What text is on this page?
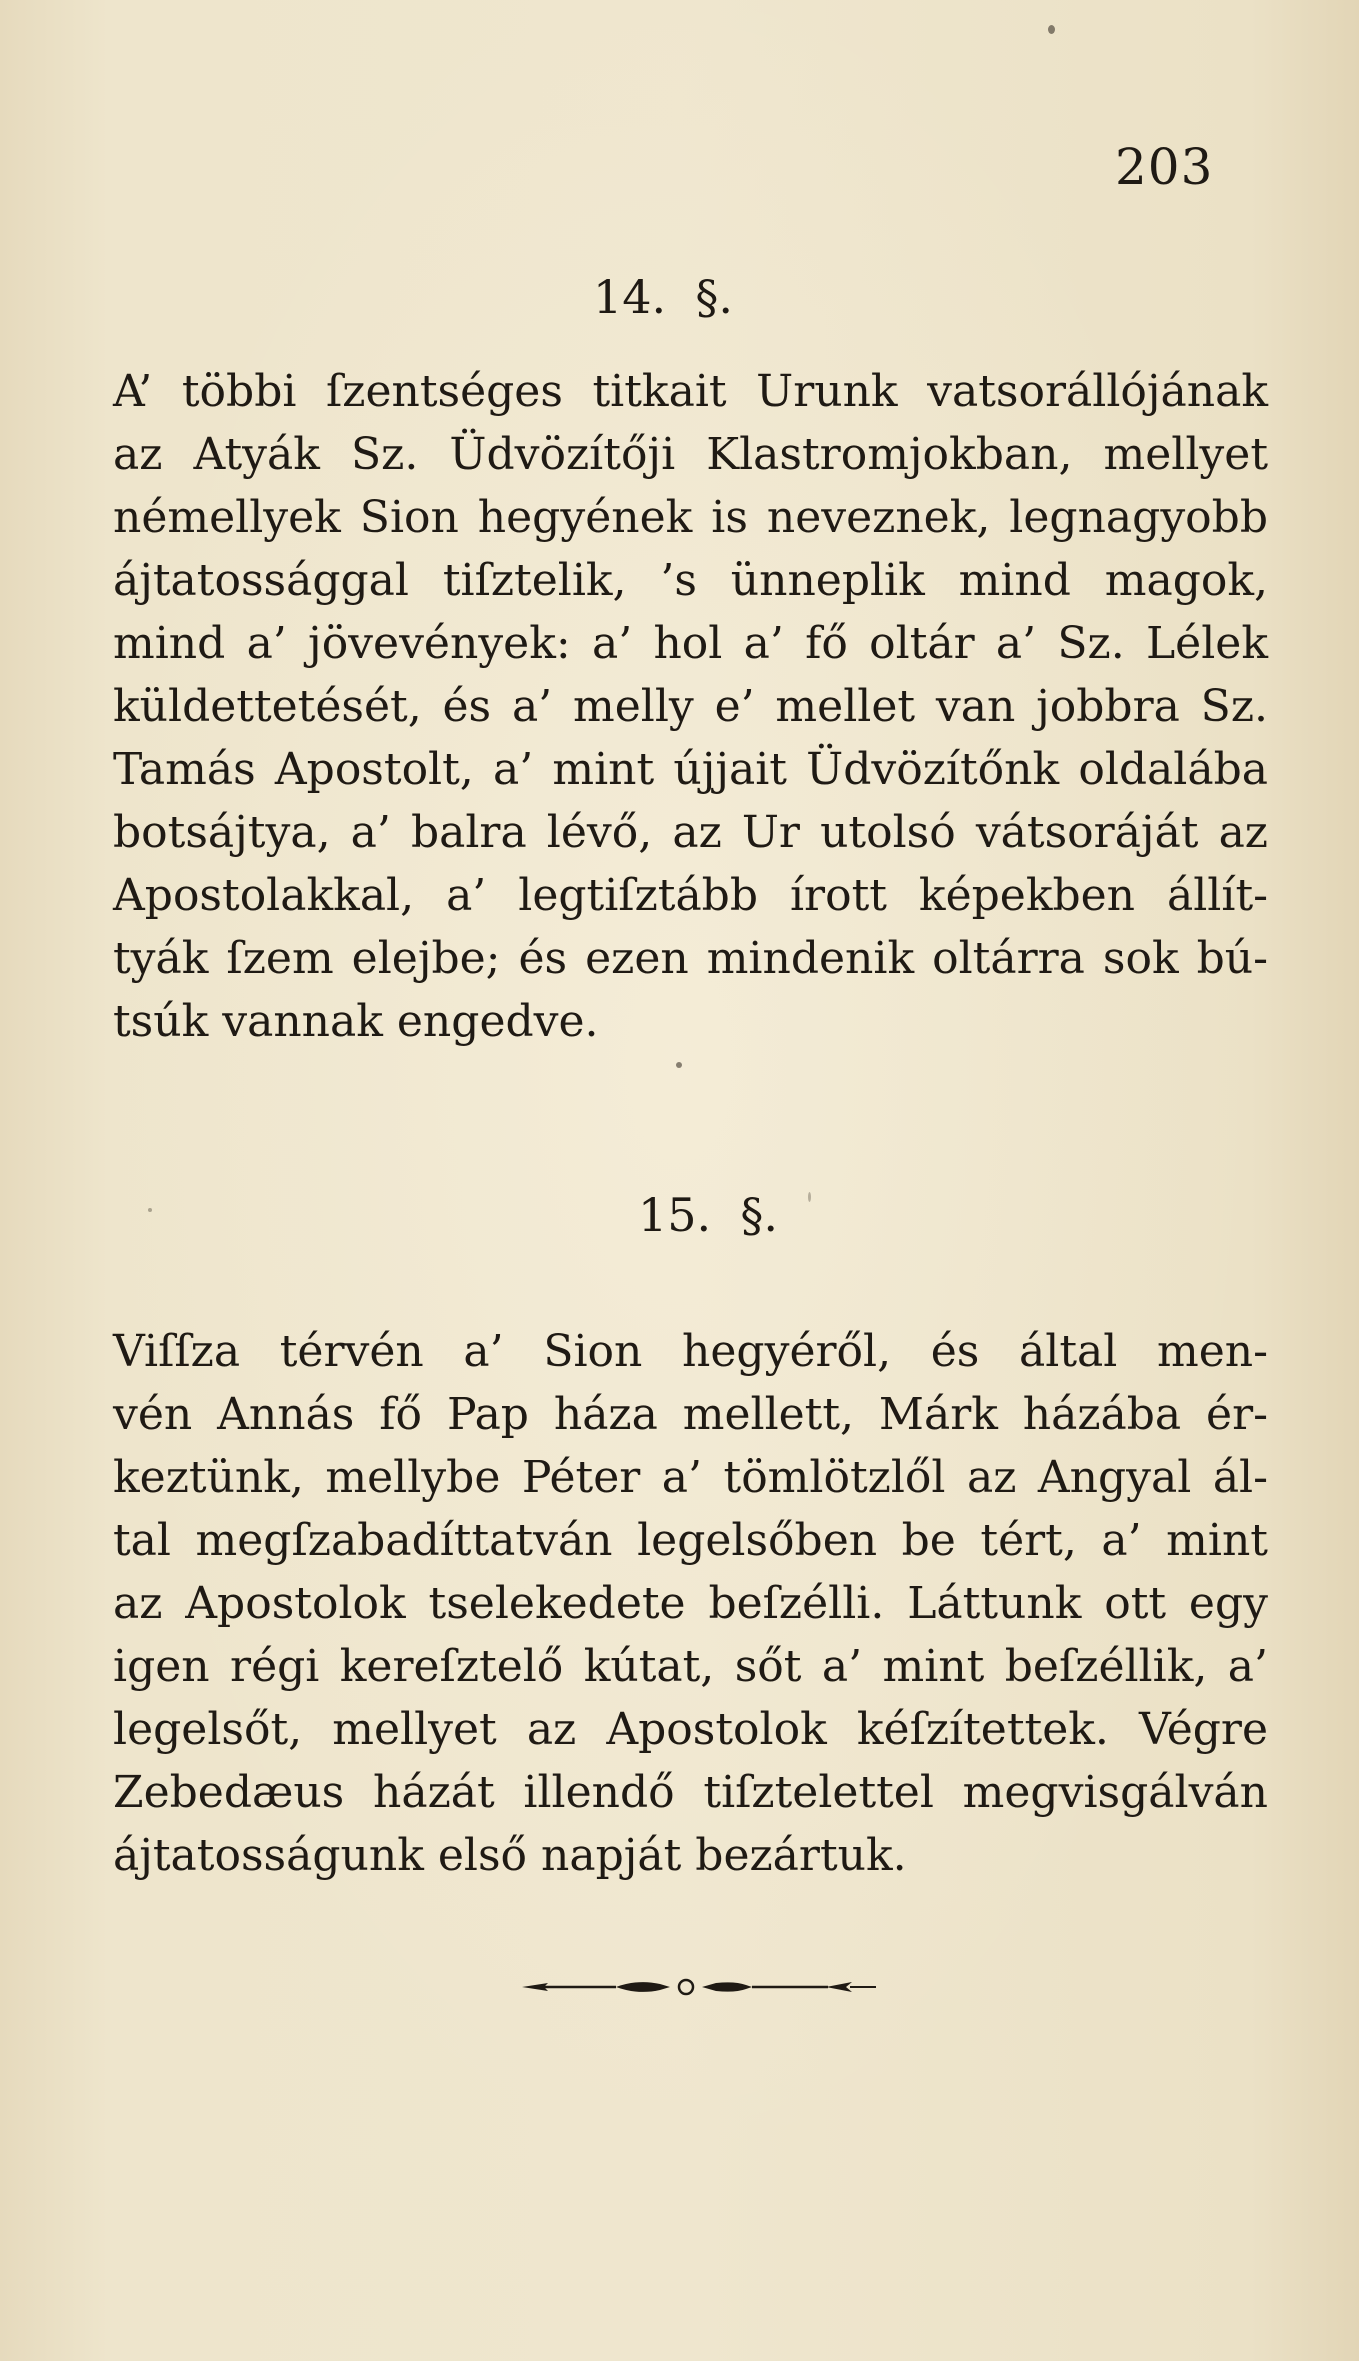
203
14.  §.
A’ többi ſzentséges titkait Urunk vatsorállójának
az Atyák Sz. Üdvözítőji Klastromjokban, mellyet
némellyek Sion hegyének is neveznek, legnagyobb
ájtatossággal tiſztelik, ’s ünneplik mind magok,
mind a’ jövevények: a’ hol a’ fő oltár a’ Sz. Lélek
küldettetését, és a’ melly e’ mellet van jobbra Sz.
Tamás Apostolt, a’ mint újjait Üdvözítőnk oldalába
botsájtya, a’ balra lévő, az Ur utolsó vátsoráját az
Apostolakkal, a’ legtiſztább írott képekben állít-
tyák ſzem elejbe; és ezen mindenik oltárra sok bú-
tsúk vannak engedve.
15.  §.
Viſſza térvén a’ Sion hegyéről, és által men-
vén Annás fő Pap háza mellett, Márk házába ér-
keztünk, mellybe Péter a’ tömlötzlől az Angyal ál-
tal megſzabadíttatván legelsőben be tért, a’ mint
az Apostolok tselekedete beſzélli. Láttunk ott egy
igen régi kereſztelő kútat, sőt a’ mint beſzéllik, a’
legelsőt, mellyet az Apostolok kéſzítettek. Végre
Zebedæus házát illendő tiſztelettel megvisgálván
ájtatosságunk első napját bezártuk.
